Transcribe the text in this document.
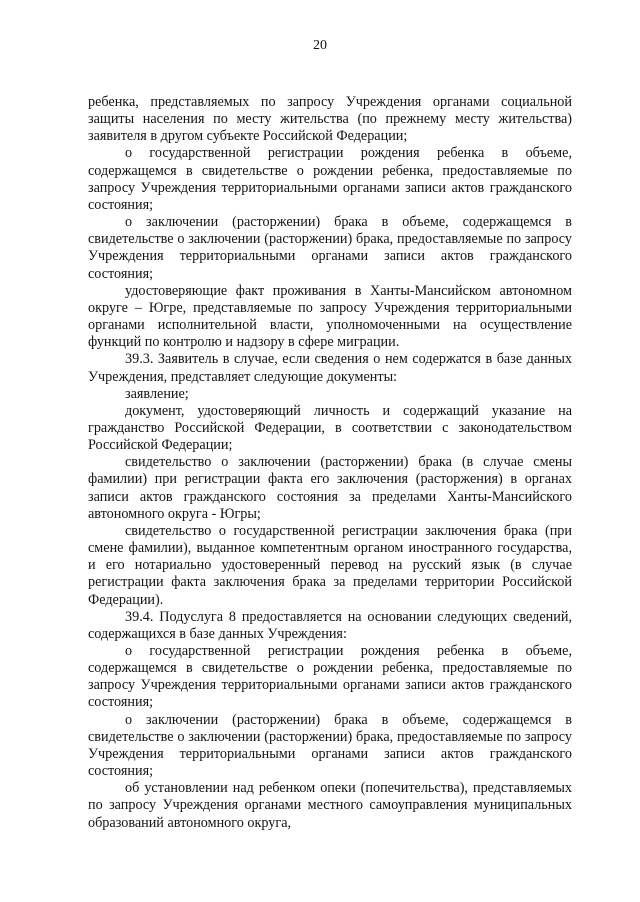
20

ребенка, представляемых по запросу Учреждения органами социальной защиты населения по месту жительства (по прежнему месту жительства) заявителя в другом субъекте Российской Федерации;

о государственной регистрации рождения ребенка в объеме, содержащемся в свидетельстве о рождении ребенка, предоставляемые по запросу Учреждения территориальными органами записи актов гражданского состояния;

о заключении (расторжении) брака в объеме, содержащемся в свидетельстве о заключении (расторжении) брака, предоставляемые по запросу Учреждения территориальными органами записи актов гражданского состояния;

удостоверяющие факт проживания в Ханты-Мансийском автономном округе – Югре, представляемые по запросу Учреждения территориальными органами исполнительной власти, уполномоченными на осуществление функций по контролю и надзору в сфере миграции.

39.3. Заявитель в случае, если сведения о нем содержатся в базе данных Учреждения, представляет следующие документы:

заявление;

документ, удостоверяющий личность и содержащий указание на гражданство Российской Федерации, в соответствии с законодательством Российской Федерации;

свидетельство о заключении (расторжении) брака (в случае смены фамилии) при регистрации факта его заключения (расторжения) в органах записи актов гражданского состояния за пределами Ханты-Мансийского автономного округа - Югры;

свидетельство о государственной регистрации заключения брака (при смене фамилии), выданное компетентным органом иностранного государства, и его нотариально удостоверенный перевод на русский язык (в случае регистрации факта заключения брака за пределами территории Российской Федерации).

39.4. Подуслуга 8 предоставляется на основании следующих сведений, содержащихся в базе данных Учреждения:

о государственной регистрации рождения ребенка в объеме, содержащемся в свидетельстве о рождении ребенка, предоставляемые по запросу Учреждения территориальными органами записи актов гражданского состояния;

о заключении (расторжении) брака в объеме, содержащемся в свидетельстве о заключении (расторжении) брака, предоставляемые по запросу Учреждения территориальными органами записи актов гражданского состояния;

об установлении над ребенком опеки (попечительства), представляемых по запросу Учреждения органами местного самоуправления муниципальных образований автономного округа,
